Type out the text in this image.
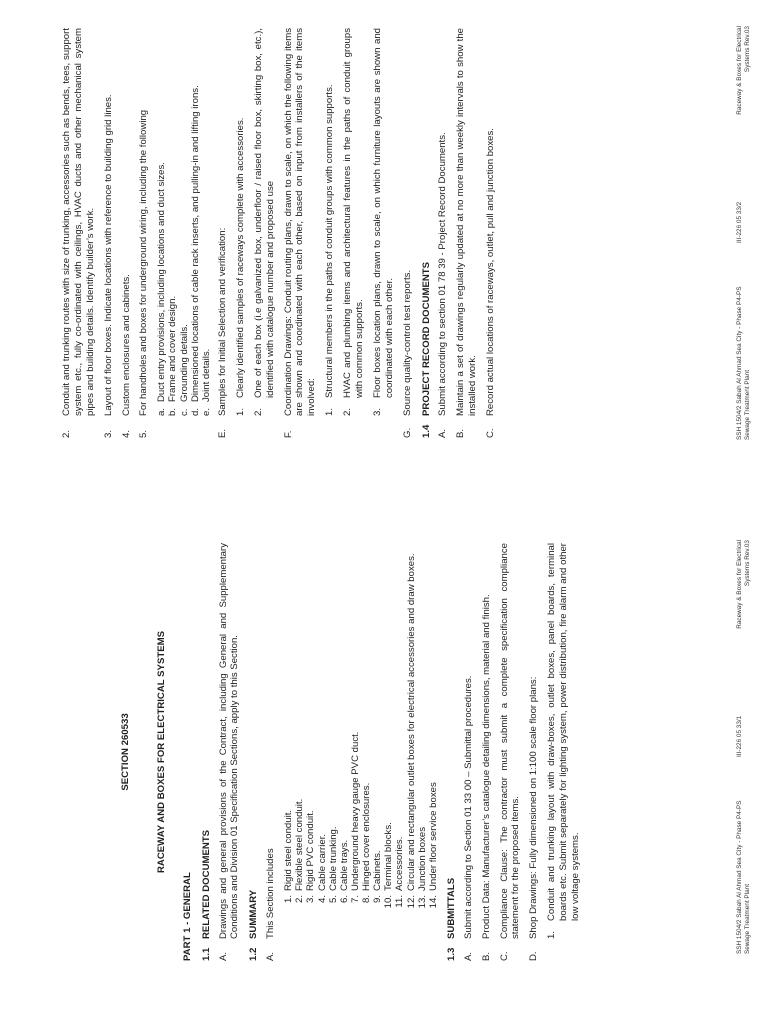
SECTION 260533	RACEWAY AND BOXES FOR ELECTRICAL SYSTEMS
PART 1 - GENERAL 1.1
RELATED DOCUMENTS
A.
Drawings and general provisions of the Contract, including General and Supplementary Conditions and Division 01 Specification Sections, apply to this Section.
1.2
SUMMARY
A.
This Section includes 1.
Rigid steel conduit.
2.
Flexible steel conduit.
3.
Rigid PVC conduit.
4.
Cable carrier.
5.
Cable trunking.
6.
Cable trays.
7.
Underground heavy gauge PVC duct.
8.
Hinged cover enclosures.
9.
Cabinets.
10.
Terminal blocks.
11.
Accessories.
12.
Circular and rectangular outlet boxes for electrical accessories and draw boxes.
13.
Junction boxes
14.
Under floor service boxes
1.3
SUBMITTALS
A.
Submit according to Section 01 33 00 – Submittal procedures.
B.
Product Data: Manufacturer’s catalogue detailing dimensions, material and finish.
C.
Compliance Clause: The contractor must submit a complete specification compliance statement for the proposed items.
D.
Shop Drawings: Fully dimensioned on 1:100 scale floor plans: 1.
Conduit and trunking layout with draw-boxes, outlet boxes, panel boards, terminal boards etc. Submit separately for lighting system, power distribution, fire alarm and other low voltage systems.	SSH 1504/2 Sabah Al Ahmad Sea City - Phase P4-PS Sewage Treatment Plant
III-226 05 33/1
Raceway & Boxes for Electrical Systems Rev.03
2.
Conduit and trunking routes with size of trunking, accessories such as bends, tees, support system etc., fully co-ordinated with ceilings, HVAC ducts and other mechanical system pipes and building details. Identify builder’s work.
3.
Layout of floor boxes. Indicate locations with reference to building grid lines.
4.
Custom enclosures and cabinets.
5.
For handholes and boxes for underground wiring, including the following a.
Duct entry provisions, including locations and duct sizes.
b.
Frame and cover design.
c.
Grounding details.
d.
Dimensioned locations of cable rack inserts, and pulling-in and lifting irons.
e.
Joint details.
E.
Samples for Initial Selection and verification: 1.
Clearly identified samples of raceways complete with accessories.
2.
One of each box (i.e galvanized box, underfloor / raised floor box, skirting box, etc.), identified with catalogue number and proposed use
F.
Coordination Drawings: Conduit routing plans, drawn to scale, on which the following items are shown and coordinated with each other, based on input from installers of the items involved: 1.
Structural members in the paths of conduit groups with common supports.
2.
HVAC and plumbing items and architectural features in the paths of conduit groups with common supports.
3.
Floor boxes location plans, drawn to scale, on which furniture layouts are shown and coordinated with each other.
G.
Source quality-control test reports.
1.4
PROJECT RECORD DOCUMENTS
A.
Submit according to section 01 78 39 - Project Record Documents.
B.
Maintain a set of drawings regularly updated at no more than weekly intervals to show the installed work.
C.
Record actual locations of raceways, outlet, pull and junction boxes.	SSH 1504/2 Sabah Al Ahmad Sea City - Phase P4-PS Sewage Treatment Plant
III-226 05 33/2
Raceway & Boxes for Electrical Systems Rev.03
